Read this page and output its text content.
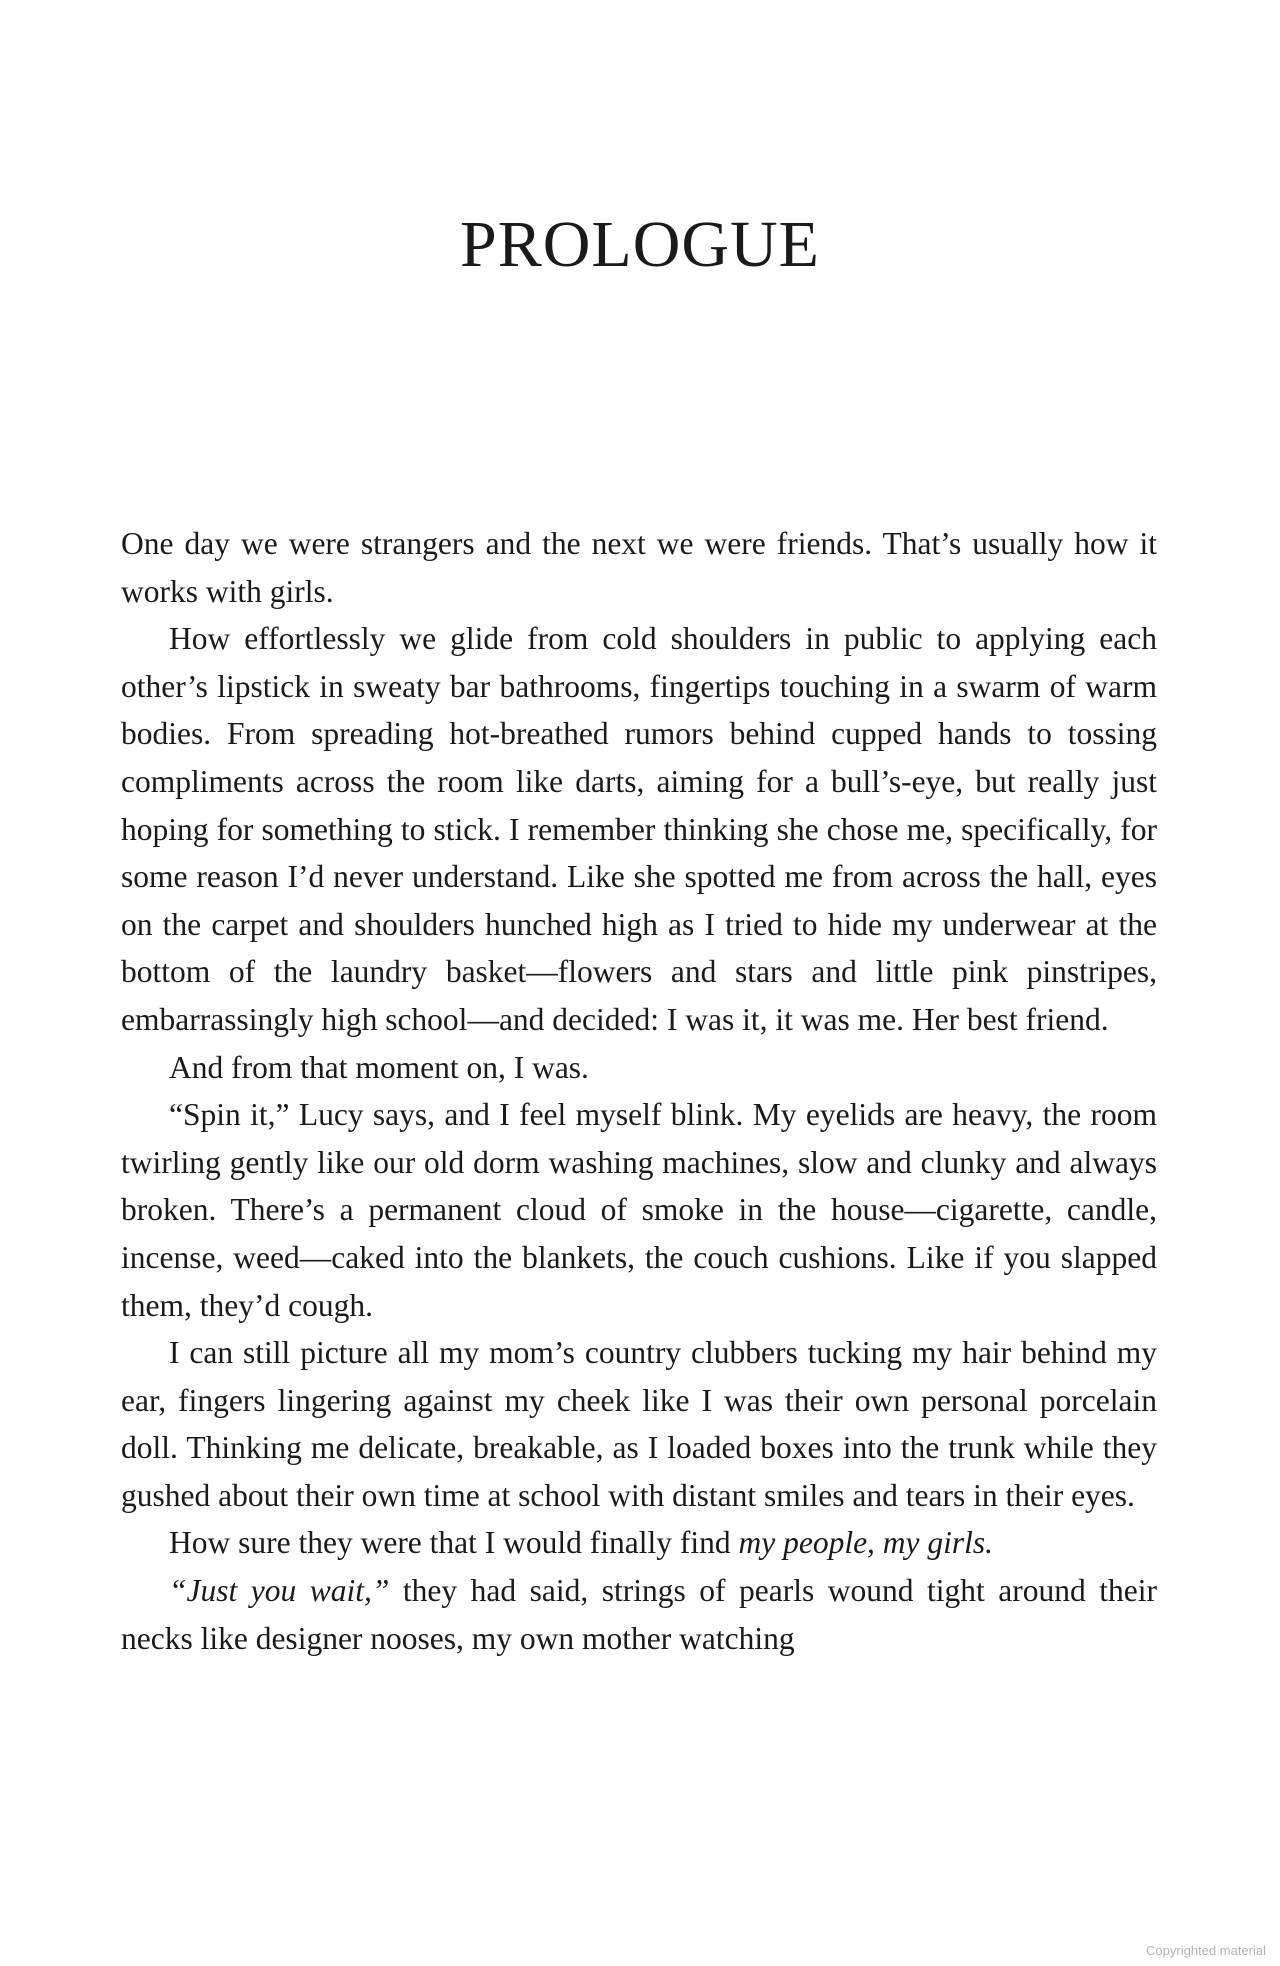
PROLOGUE

One day we were strangers and the next we were friends. That’s usually how it works with girls.

How effortlessly we glide from cold shoulders in public to applying each other’s lipstick in sweaty bar bathrooms, fingertips touching in a swarm of warm bodies. From spreading hot-breathed rumors behind cupped hands to tossing compliments across the room like darts, aiming for a bull’s-eye, but really just hoping for something to stick. I remember thinking she chose me, specifically, for some reason I’d never understand. Like she spotted me from across the hall, eyes on the carpet and shoulders hunched high as I tried to hide my underwear at the bottom of the laundry basket—flowers and stars and little pink pinstripes, embarrassingly high school—and decided: I was it, it was me. Her best friend.

And from that moment on, I was.

“Spin it,” Lucy says, and I feel myself blink. My eyelids are heavy, the room twirling gently like our old dorm washing machines, slow and clunky and always broken. There’s a permanent cloud of smoke in the house—cigarette, candle, incense, weed—caked into the blankets, the couch cushions. Like if you slapped them, they’d cough.

I can still picture all my mom’s country clubbers tucking my hair behind my ear, fingers lingering against my cheek like I was their own personal porcelain doll. Thinking me delicate, breakable, as I loaded boxes into the trunk while they gushed about their own time at school with distant smiles and tears in their eyes.

How sure they were that I would finally find my people, my girls.

“Just you wait,” they had said, strings of pearls wound tight around their necks like designer nooses, my own mother watching

Copyrighted material
